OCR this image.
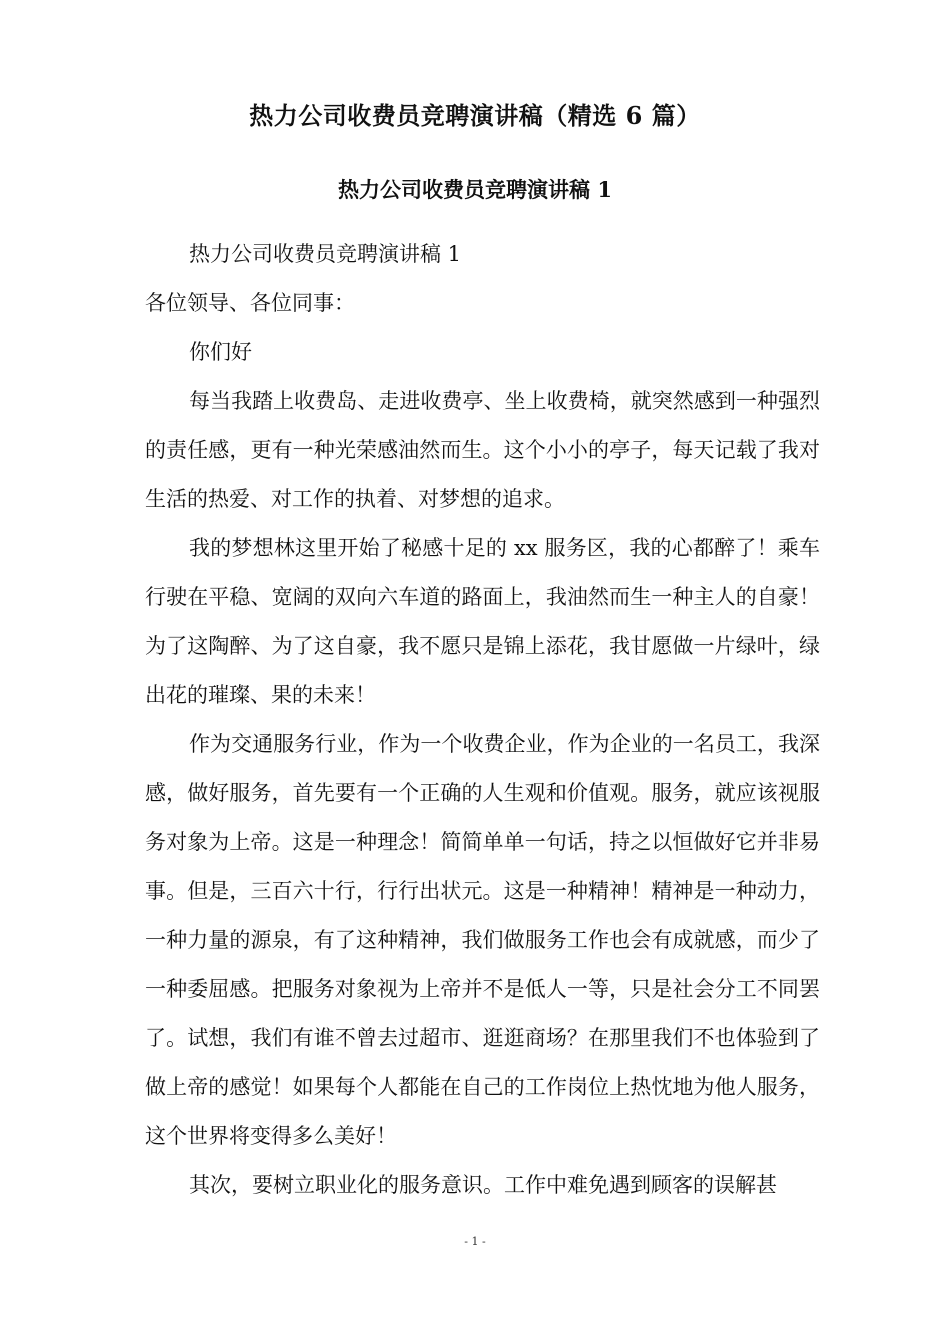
热力公司收费员竞聘演讲稿（精选 6 篇）
热力公司收费员竞聘演讲稿 1

热力公司收费员竞聘演讲稿 1

各位领导、各位同事：

你们好

每当我踏上收费岛、走进收费亭、坐上收费椅，就突然感到一种强烈的责任感，更有一种光荣感油然而生。这个小小的亭子，每天记载了我对生活的热爱、对工作的执着、对梦想的追求。

我的梦想林这里开始了秘感十足的 xx 服务区，我的心都醉了！乘车行驶在平稳、宽阔的双向六车道的路面上，我油然而生一种主人的自豪！为了这陶醉、为了这自豪，我不愿只是锦上添花，我甘愿做一片绿叶，绿出花的璀璨、果的未来！

作为交通服务行业，作为一个收费企业，作为企业的一名员工，我深感，做好服务，首先要有一个正确的人生观和价值观。服务，就应该视服务对象为上帝。这是一种理念！简简单单一句话，持之以恒做好它并非易事。但是，三百六十行，行行出状元。这是一种精神！精神是一种动力，一种力量的源泉，有了这种精神，我们做服务工作也会有成就感，而少了一种委屈感。把服务对象视为上帝并不是低人一等，只是社会分工不同罢了。试想，我们有谁不曾去过超市、逛逛商场？在那里我们不也体验到了做上帝的感觉！如果每个人都能在自己的工作岗位上热忱地为他人服务，这个世界将变得多么美好！

其次，要树立职业化的服务意识。工作中难免遇到顾客的误解甚

- 1 -
